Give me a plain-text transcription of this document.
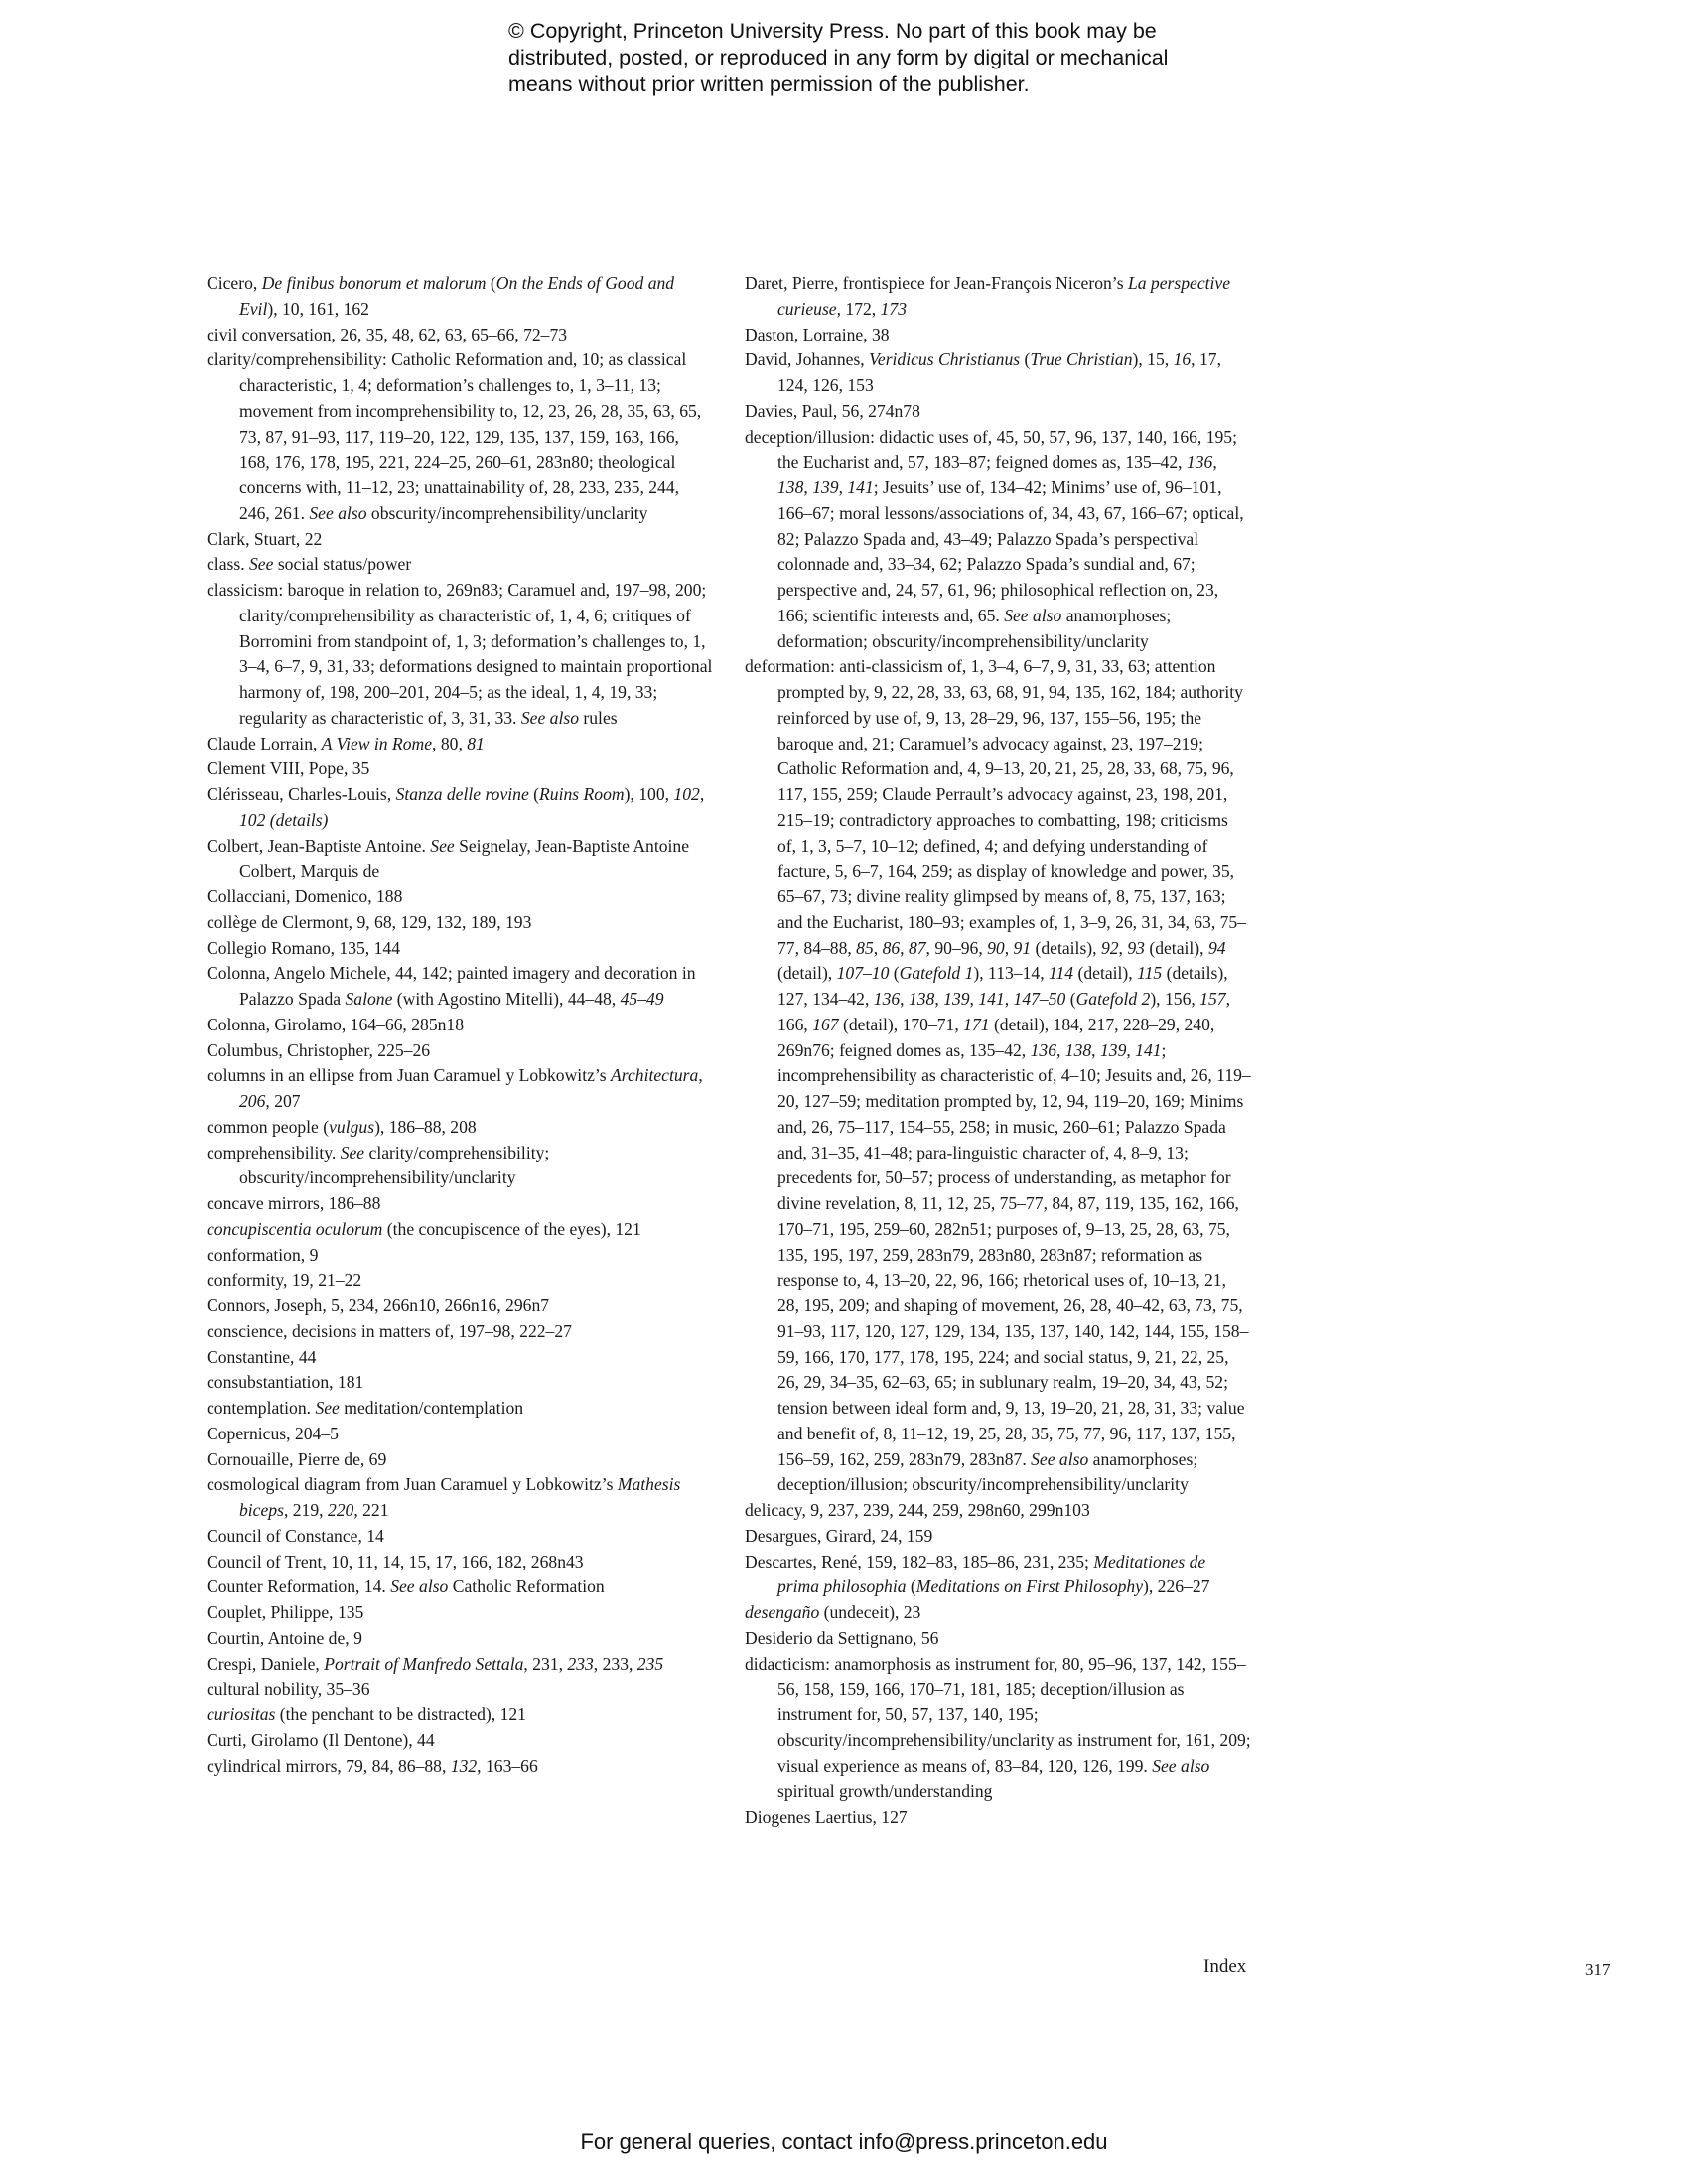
© Copyright, Princeton University Press. No part of this book may be
distributed, posted, or reproduced in any form by digital or mechanical
means without prior written permission of the publisher.

Cicero, De finibus bonorum et malorum (On the Ends of Good and Evil), 10, 161, 162

civil conversation, 26, 35, 48, 62, 63, 65–66, 72–73

clarity/comprehensibility: Catholic Reformation and, 10; as classical characteristic, 1, 4; deformation’s challenges to, 1, 3–11, 13; movement from incomprehensibility to, 12, 23, 26, 28, 35, 63, 65, 73, 87, 91–93, 117, 119–20, 122, 129, 135, 137, 159, 163, 166, 168, 176, 178, 195, 221, 224–25, 260–61, 283n80; theological concerns with, 11–12, 23; unattainability of, 28, 233, 235, 244, 246, 261. See also obscurity/incomprehensibility/unclarity

Clark, Stuart, 22

class. See social status/power

classicism: baroque in relation to, 269n83; Caramuel and, 197–98, 200; clarity/comprehensibility as characteristic of, 1, 4, 6; critiques of Borromini from standpoint of, 1, 3; deformation’s challenges to, 1, 3–4, 6–7, 9, 31, 33; deformations designed to maintain proportional harmony of, 198, 200–201, 204–5; as the ideal, 1, 4, 19, 33; regularity as characteristic of, 3, 31, 33. See also rules

Claude Lorrain, A View in Rome, 80, 81

Clement VIII, Pope, 35

Clérisseau, Charles-Louis, Stanza delle rovine (Ruins Room), 100, 102, 102 (details)

Colbert, Jean-Baptiste Antoine. See Seignelay, Jean-Baptiste Antoine Colbert, Marquis de

Collacciani, Domenico, 188

collège de Clermont, 9, 68, 129, 132, 189, 193

Collegio Romano, 135, 144

Colonna, Angelo Michele, 44, 142; painted imagery and decoration in Palazzo Spada Salone (with Agostino Mitelli), 44–48, 45–49

Colonna, Girolamo, 164–66, 285n18

Columbus, Christopher, 225–26

columns in an ellipse from Juan Caramuel y Lobkowitz’s Architectura, 206, 207

common people (vulgus), 186–88, 208

comprehensibility. See clarity/comprehensibility; obscurity/incomprehensibility/unclarity

concave mirrors, 186–88

concupiscentia oculorum (the concupiscence of the eyes), 121

conformation, 9

conformity, 19, 21–22

Connors, Joseph, 5, 234, 266n10, 266n16, 296n7

conscience, decisions in matters of, 197–98, 222–27

Constantine, 44

consubstantiation, 181

contemplation. See meditation/contemplation

Copernicus, 204–5

Cornouaille, Pierre de, 69

cosmological diagram from Juan Caramuel y Lobkowitz’s Mathesis biceps, 219, 220, 221

Council of Constance, 14

Council of Trent, 10, 11, 14, 15, 17, 166, 182, 268n43

Counter Reformation, 14. See also Catholic Reformation

Couplet, Philippe, 135

Courtin, Antoine de, 9

Crespi, Daniele, Portrait of Manfredo Settala, 231, 233, 233, 235

cultural nobility, 35–36

curiositas (the penchant to be distracted), 121

Curti, Girolamo (Il Dentone), 44

cylindrical mirrors, 79, 84, 86–88, 132, 163–66

Daret, Pierre, frontispiece for Jean-François Niceron’s La perspective curieuse, 172, 173

Daston, Lorraine, 38

David, Johannes, Veridicus Christianus (True Christian), 15, 16, 17, 124, 126, 153

Davies, Paul, 56, 274n78

deception/illusion: didactic uses of, 45, 50, 57, 96, 137, 140, 166, 195; the Eucharist and, 57, 183–87; feigned domes as, 135–42, 136, 138, 139, 141; Jesuits’ use of, 134–42; Minims’ use of, 96–101, 166–67; moral lessons/associations of, 34, 43, 67, 166–67; optical, 82; Palazzo Spada and, 43–49; Palazzo Spada’s perspectival colonnade and, 33–34, 62; Palazzo Spada’s sundial and, 67; perspective and, 24, 57, 61, 96; philosophical reflection on, 23, 166; scientific interests and, 65. See also anamorphoses; deformation; obscurity/incomprehensibility/unclarity

deformation: anti-classicism of, 1, 3–4, 6–7, 9, 31, 33, 63; attention prompted by, 9, 22, 28, 33, 63, 68, 91, 94, 135, 162, 184; authority reinforced by use of, 9, 13, 28–29, 96, 137, 155–56, 195; the baroque and, 21; Caramuel’s advocacy against, 23, 197–219; Catholic Reformation and, 4, 9–13, 20, 21, 25, 28, 33, 68, 75, 96, 117, 155, 259; Claude Perrault’s advocacy against, 23, 198, 201, 215–19; contradictory approaches to combatting, 198; criticisms of, 1, 3, 5–7, 10–12; defined, 4; and defying understanding of facture, 5, 6–7, 164, 259; as display of knowledge and power, 35, 65–67, 73; divine reality glimpsed by means of, 8, 75, 137, 163; and the Eucharist, 180–93; examples of, 1, 3–9, 26, 31, 34, 63, 75–77, 84–88, 85, 86, 87, 90–96, 90, 91 (details), 92, 93 (detail), 94 (detail), 107–10 (Gatefold 1), 113–14, 114 (detail), 115 (details), 127, 134–42, 136, 138, 139, 141, 147–50 (Gatefold 2), 156, 157, 166, 167 (detail), 170–71, 171 (detail), 184, 217, 228–29, 240, 269n76; feigned domes as, 135–42, 136, 138, 139, 141; incomprehensibility as characteristic of, 4–10; Jesuits and, 26, 119–20, 127–59; meditation prompted by, 12, 94, 119–20, 169; Minims and, 26, 75–117, 154–55, 258; in music, 260–61; Palazzo Spada and, 31–35, 41–48; para-linguistic character of, 4, 8–9, 13; precedents for, 50–57; process of understanding, as metaphor for divine revelation, 8, 11, 12, 25, 75–77, 84, 87, 119, 135, 162, 166, 170–71, 195, 259–60, 282n51; purposes of, 9–13, 25, 28, 63, 75, 135, 195, 197, 259, 283n79, 283n80, 283n87; reformation as response to, 4, 13–20, 22, 96, 166; rhetorical uses of, 10–13, 21, 28, 195, 209; and shaping of movement, 26, 28, 40–42, 63, 73, 75, 91–93, 117, 120, 127, 129, 134, 135, 137, 140, 142, 144, 155, 158–59, 166, 170, 177, 178, 195, 224; and social status, 9, 21, 22, 25, 26, 29, 34–35, 62–63, 65; in sublunary realm, 19–20, 34, 43, 52; tension between ideal form and, 9, 13, 19–20, 21, 28, 31, 33; value and benefit of, 8, 11–12, 19, 25, 28, 35, 75, 77, 96, 117, 137, 155, 156–59, 162, 259, 283n79, 283n87. See also anamorphoses; deception/illusion; obscurity/incomprehensibility/unclarity

delicacy, 9, 237, 239, 244, 259, 298n60, 299n103

Desargues, Girard, 24, 159

Descartes, René, 159, 182–83, 185–86, 231, 235; Meditationes de prima philosophia (Meditations on First Philosophy), 226–27

desengaño (undeceit), 23

Desiderio da Settignano, 56

didacticism: anamorphosis as instrument for, 80, 95–96, 137, 142, 155–56, 158, 159, 166, 170–71, 181, 185; deception/illusion as instrument for, 50, 57, 137, 140, 195; obscurity/incomprehensibility/unclarity as instrument for, 161, 209; visual experience as means of, 83–84, 120, 126, 199. See also spiritual growth/understanding

Diogenes Laertius, 127

Index	317
For general queries, contact info@press.princeton.edu
